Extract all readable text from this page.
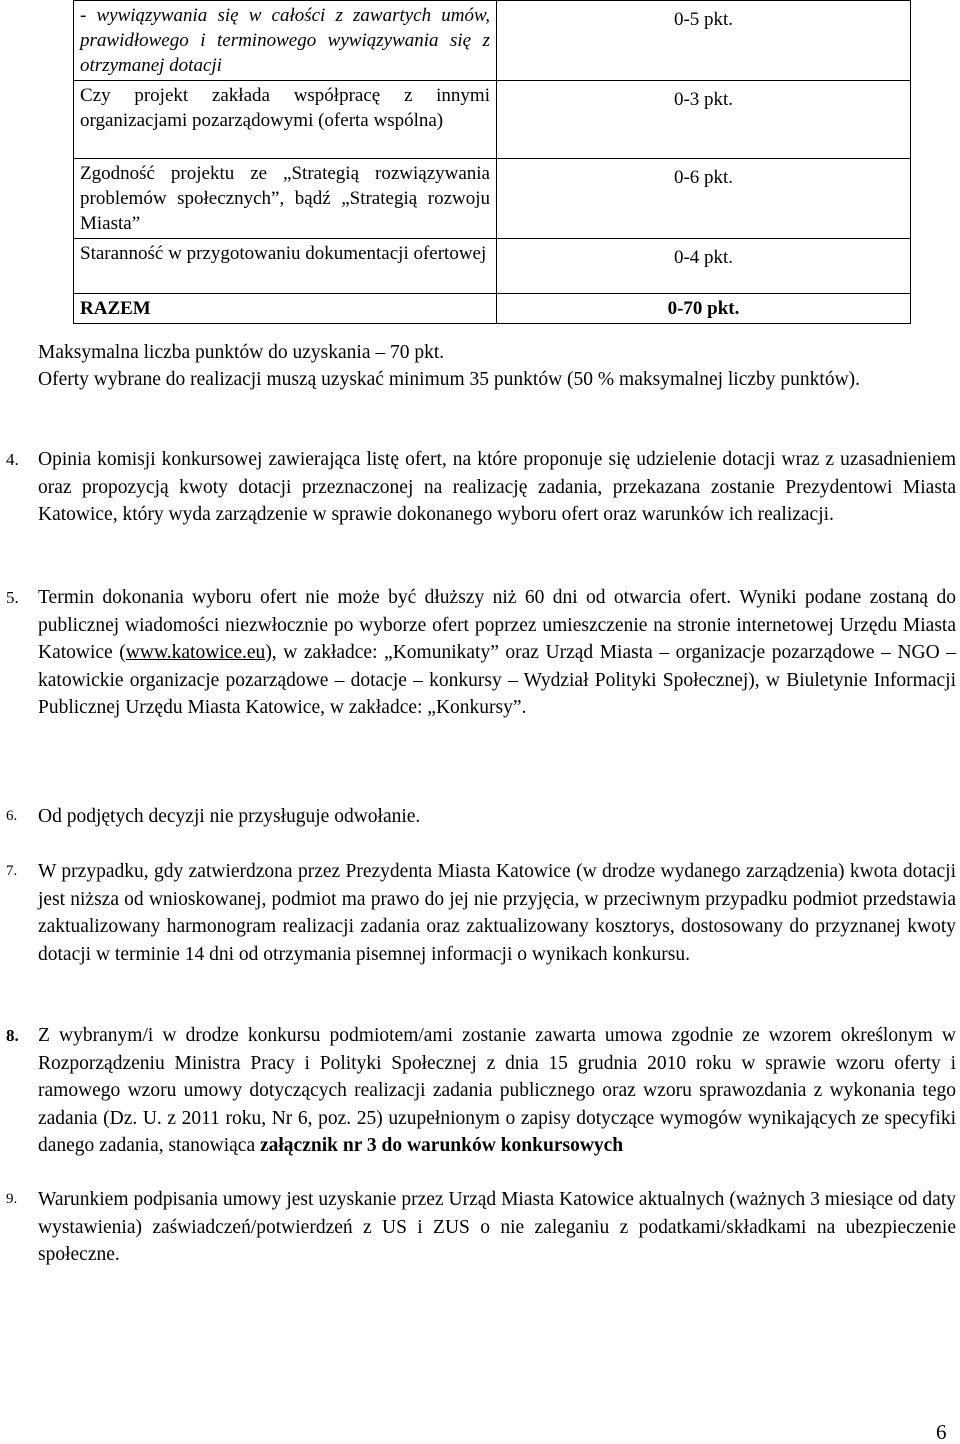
- wywiązywania się w całości z zawartych umów, prawidłowego i terminowego wywiązywania się z otrzymanej dotacji	0-5 pkt.

Czy projekt zakłada współpracę z innymi organizacjami pozarządowymi (oferta wspólna)	0-3 pkt.

Zgodność projektu ze „Strategią rozwiązywania problemów społecznych”, bądź „Strategią rozwoju Miasta”	0-6 pkt.

Staranność w przygotowaniu dokumentacji ofertowej	0-4 pkt.

RAZEM	0-70 pkt.
Maksymalna liczba punktów do uzyskania – 70 pkt.
Oferty wybrane do realizacji muszą uzyskać minimum 35 punktów (50 % maksymalnej liczby punktów).
4. Opinia komisji konkursowej zawierająca listę ofert, na które proponuje się udzielenie dotacji wraz z uzasadnieniem oraz propozycją kwoty dotacji przeznaczonej na realizację zadania, przekazana zostanie Prezydentowi Miasta Katowice, który wyda zarządzenie w sprawie dokonanego wyboru ofert oraz warunków ich realizacji.
5. Termin dokonania wyboru ofert nie może być dłuższy niż 60 dni od otwarcia ofert. Wyniki podane zostaną do publicznej wiadomości niezwłocznie po wyborze ofert poprzez umieszczenie na stronie internetowej Urzędu Miasta Katowice (www.katowice.eu), w zakładce: „Komunikaty” oraz Urząd Miasta – organizacje pozarządowe – NGO – katowickie organizacje pozarządowe – dotacje – konkursy – Wydział Polityki Społecznej), w Biuletynie Informacji Publicznej Urzędu Miasta Katowice, w zakładce: „Konkursy”.
6. Od podjętych decyzji nie przysługuje odwołanie.
7. W przypadku, gdy zatwierdzona przez Prezydenta Miasta Katowice (w drodze wydanego zarządzenia) kwota dotacji jest niższa od wnioskowanej, podmiot ma prawo do jej nie przyjęcia, w przeciwnym przypadku podmiot przedstawia zaktualizowany harmonogram realizacji zadania oraz zaktualizowany kosztorys, dostosowany do przyznanej kwoty dotacji w terminie 14 dni od otrzymania pisemnej informacji o wynikach konkursu.
8. Z wybranym/i w drodze konkursu podmiotem/ami zostanie zawarta umowa zgodnie ze wzorem określonym w Rozporządzeniu Ministra Pracy i Polityki Społecznej z dnia 15 grudnia 2010 roku w sprawie wzoru oferty i ramowego wzoru umowy dotyczących realizacji zadania publicznego oraz wzoru sprawozdania z wykonania tego zadania (Dz. U. z 2011 roku, Nr 6, poz. 25) uzupełnionym o zapisy dotyczące wymogów wynikających ze specyfiki danego zadania, stanowiąca załącznik nr 3 do warunków konkursowych
9. Warunkiem podpisania umowy jest uzyskanie przez Urząd Miasta Katowice aktualnych (ważnych 3 miesiące od daty wystawienia) zaświadczeń/potwierdzeń z US i ZUS o nie zaleganiu z podatkami/składkami na ubezpieczenie społeczne.
6
